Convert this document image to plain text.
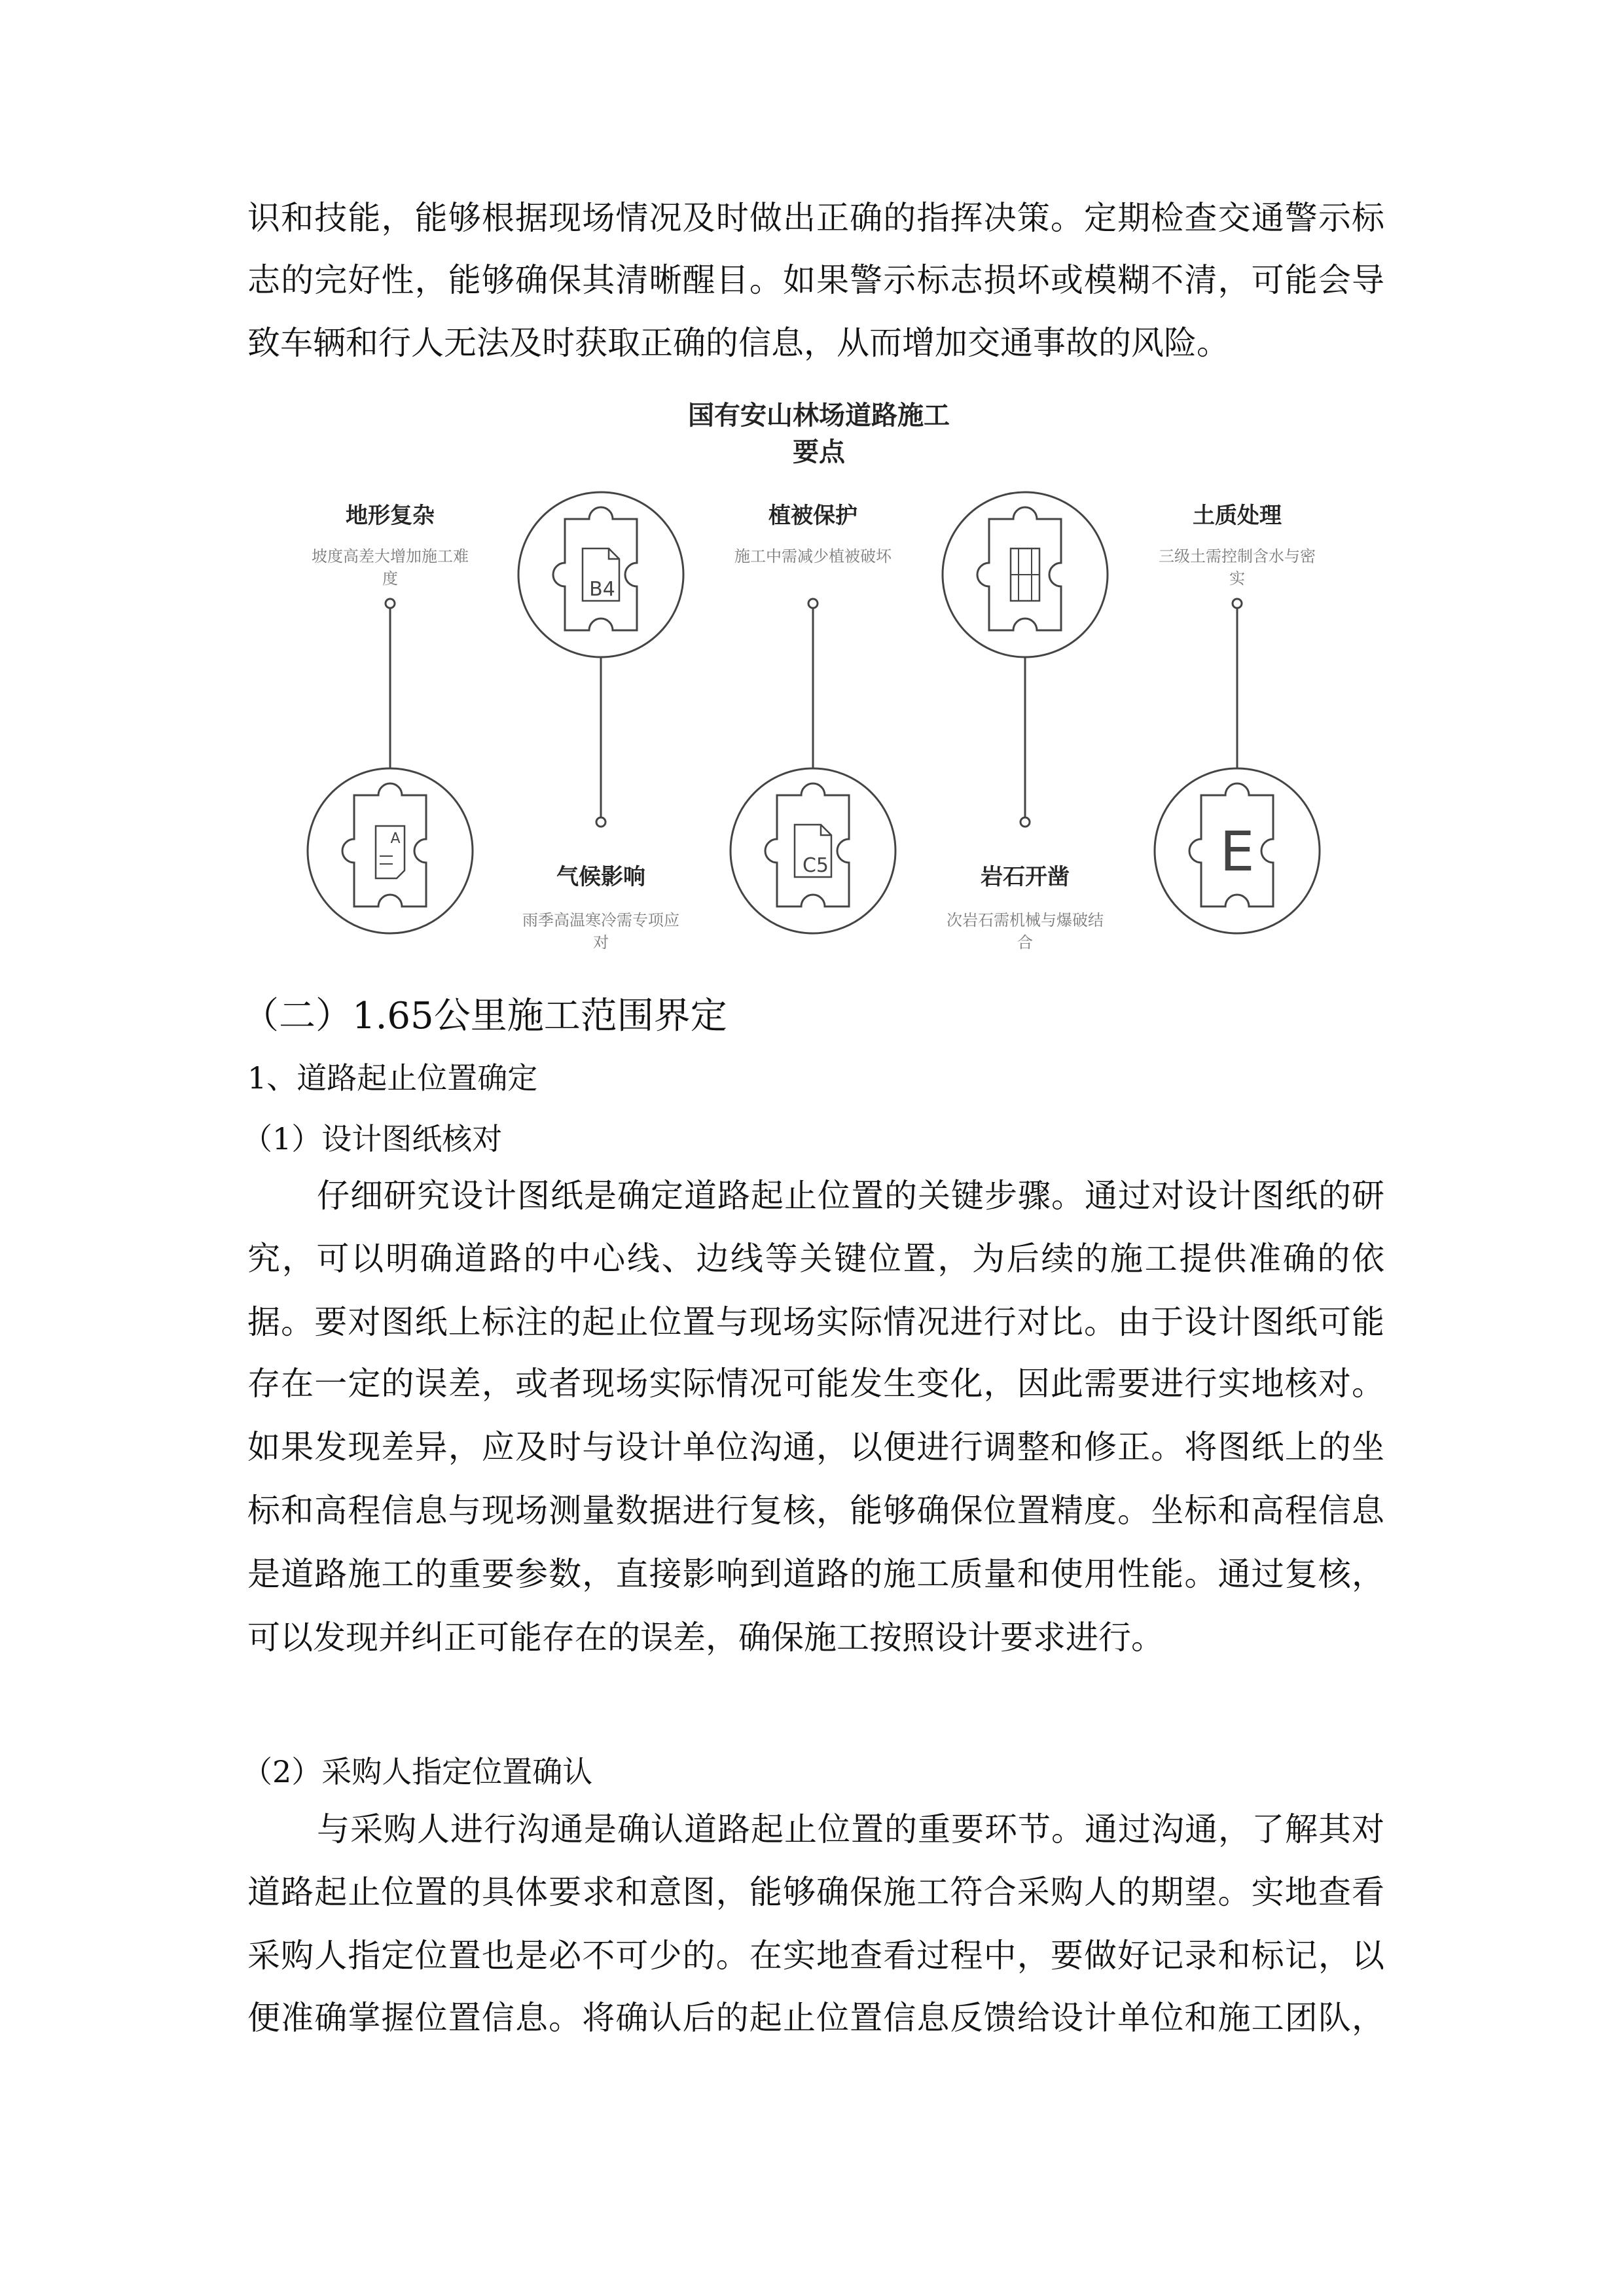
识和技能，能够根据现场情况及时做出正确的指挥决策。定期检查交通警示标
志的完好性，能够确保其清晰醒目。如果警示标志损坏或模糊不清，可能会导
致车辆和行人无法及时获取正确的信息，从而增加交通事故的风险。
国有安山林场道路施工
要点
B4
A
C5	E
地形复杂
坡度高差大增加施工难
度
植被保护
施工中需减少植被破坏

土质处理
三级土需控制含水与密
实
气候影响
雨季高温寒冷需专项应
对
岩石开凿
次岩石需机械与爆破结
合
（二）1.65公里施工范围界定
1、道路起止位置确定
（1）设计图纸核对
仔细研究设计图纸是确定道路起止位置的关键步骤。通过对设计图纸的研
究，可以明确道路的中心线、边线等关键位置，为后续的施工提供准确的依
据。要对图纸上标注的起止位置与现场实际情况进行对比。由于设计图纸可能
存在一定的误差，或者现场实际情况可能发生变化，因此需要进行实地核对。
如果发现差异，应及时与设计单位沟通，以便进行调整和修正。将图纸上的坐
标和高程信息与现场测量数据进行复核，能够确保位置精度。坐标和高程信息
是道路施工的重要参数，直接影响到道路的施工质量和使用性能。通过复核，
可以发现并纠正可能存在的误差，确保施工按照设计要求进行。
（2）采购人指定位置确认
与采购人进行沟通是确认道路起止位置的重要环节。通过沟通，了解其对
道路起止位置的具体要求和意图，能够确保施工符合采购人的期望。实地查看
采购人指定位置也是必不可少的。在实地查看过程中，要做好记录和标记，以
便准确掌握位置信息。将确认后的起止位置信息反馈给设计单位和施工团队，
